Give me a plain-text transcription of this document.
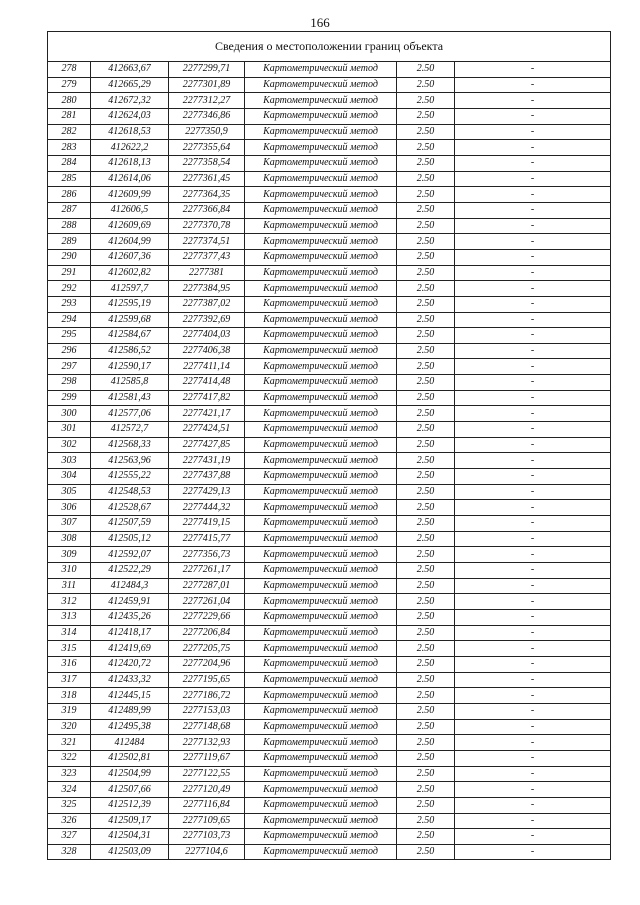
166
Сведения о местоположении границ объекта					
278	412663,67	2277299,71	Картометрический метод	2.50	-
279	412665,29	2277301,89	Картометрический метод	2.50	-
280	412672,32	2277312,27	Картометрический метод	2.50	-
281	412624,03	2277346,86	Картометрический метод	2.50	-
282	412618,53	2277350,9	Картометрический метод	2.50	-
283	412622,2	2277355,64	Картометрический метод	2.50	-
284	412618,13	2277358,54	Картометрический метод	2.50	-
285	412614,06	2277361,45	Картометрический метод	2.50	-
286	412609,99	2277364,35	Картометрический метод	2.50	-
287	412606,5	2277366,84	Картометрический метод	2.50	-
288	412609,69	2277370,78	Картометрический метод	2.50	-
289	412604,99	2277374,51	Картометрический метод	2.50	-
290	412607,36	2277377,43	Картометрический метод	2.50	-
291	412602,82	2277381	Картометрический метод	2.50	-
292	412597,7	2277384,95	Картометрический метод	2.50	-
293	412595,19	2277387,02	Картометрический метод	2.50	-
294	412599,68	2277392,69	Картометрический метод	2.50	-
295	412584,67	2277404,03	Картометрический метод	2.50	-
296	412586,52	2277406,38	Картометрический метод	2.50	-
297	412590,17	2277411,14	Картометрический метод	2.50	-
298	412585,8	2277414,48	Картометрический метод	2.50	-
299	412581,43	2277417,82	Картометрический метод	2.50	-
300	412577,06	2277421,17	Картометрический метод	2.50	-
301	412572,7	2277424,51	Картометрический метод	2.50	-
302	412568,33	2277427,85	Картометрический метод	2.50	-
303	412563,96	2277431,19	Картометрический метод	2.50	-
304	412555,22	2277437,88	Картометрический метод	2.50	-
305	412548,53	2277429,13	Картометрический метод	2.50	-
306	412528,67	2277444,32	Картометрический метод	2.50	-
307	412507,59	2277419,15	Картометрический метод	2.50	-
308	412505,12	2277415,77	Картометрический метод	2.50	-
309	412592,07	2277356,73	Картометрический метод	2.50	-
310	412522,29	2277261,17	Картометрический метод	2.50	-
311	412484,3	2277287,01	Картометрический метод	2.50	-
312	412459,91	2277261,04	Картометрический метод	2.50	-
313	412435,26	2277229,66	Картометрический метод	2.50	-
314	412418,17	2277206,84	Картометрический метод	2.50	-
315	412419,69	2277205,75	Картометрический метод	2.50	-
316	412420,72	2277204,96	Картометрический метод	2.50	-
317	412433,32	2277195,65	Картометрический метод	2.50	-
318	412445,15	2277186,72	Картометрический метод	2.50	-
319	412489,99	2277153,03	Картометрический метод	2.50	-
320	412495,38	2277148,68	Картометрический метод	2.50	-
321	412484	2277132,93	Картометрический метод	2.50	-
322	412502,81	2277119,67	Картометрический метод	2.50	-
323	412504,99	2277122,55	Картометрический метод	2.50	-
324	412507,66	2277120,49	Картометрический метод	2.50	-
325	412512,39	2277116,84	Картометрический метод	2.50	-
326	412509,17	2277109,65	Картометрический метод	2.50	-
327	412504,31	2277103,73	Картометрический метод	2.50	-
328	412503,09	2277104,6	Картометрический метод	2.50	-
